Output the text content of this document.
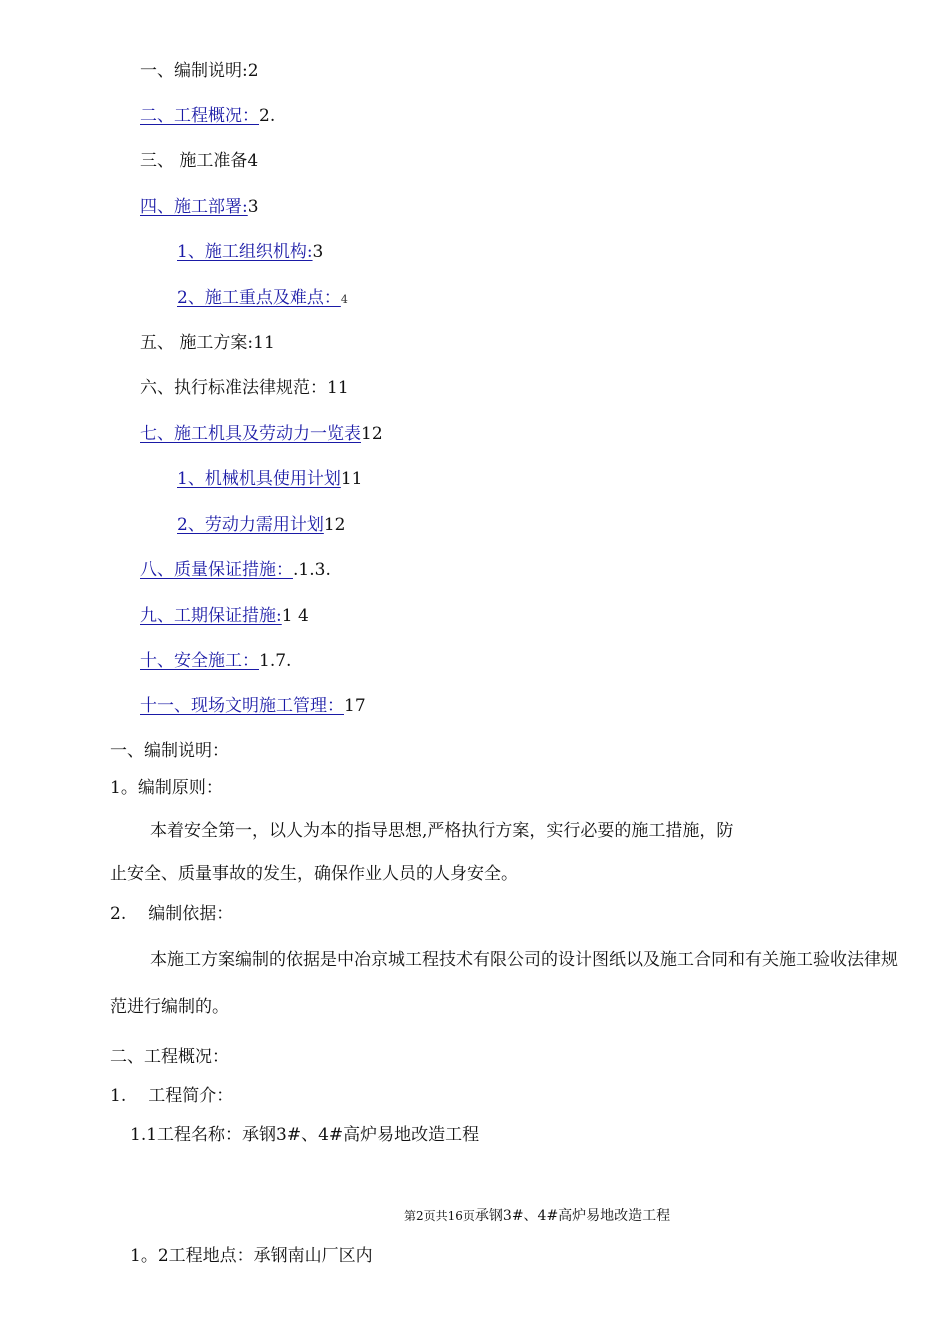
一、编制说明:2
二、工程概况：2.
三、 施工准备4
四、施工部署:3
1、施工组织机构:3
2、施工重点及难点：4
五、 施工方案:11
六、执行标准法律规范：11
七、施工机具及劳动力一览表12
1、机械机具使用计划11
2、劳动力需用计划12
八、质量保证措施：.1.3.
九、工期保证措施:1 4
十、安全施工：1.7.
十一、现场文明施工管理：17
一、编制说明：
1。编制原则：
本着安全第一，以人为本的指导思想,严格执行方案，实行必要的施工措施，防
止安全、质量事故的发生，确保作业人员的人身安全。
2. 编制依据：
本施工方案编制的依据是中冶京城工程技术有限公司的设计图纸以及施工合同和有关施工验收法律规
范进行编制的。
二、工程概况：
1. 工程简介：
1.1工程名称：承钢3#、4#高炉易地改造工程
第2页共16页承钢3#、4#高炉易地改造工程
1。2工程地点：承钢南山厂区内
